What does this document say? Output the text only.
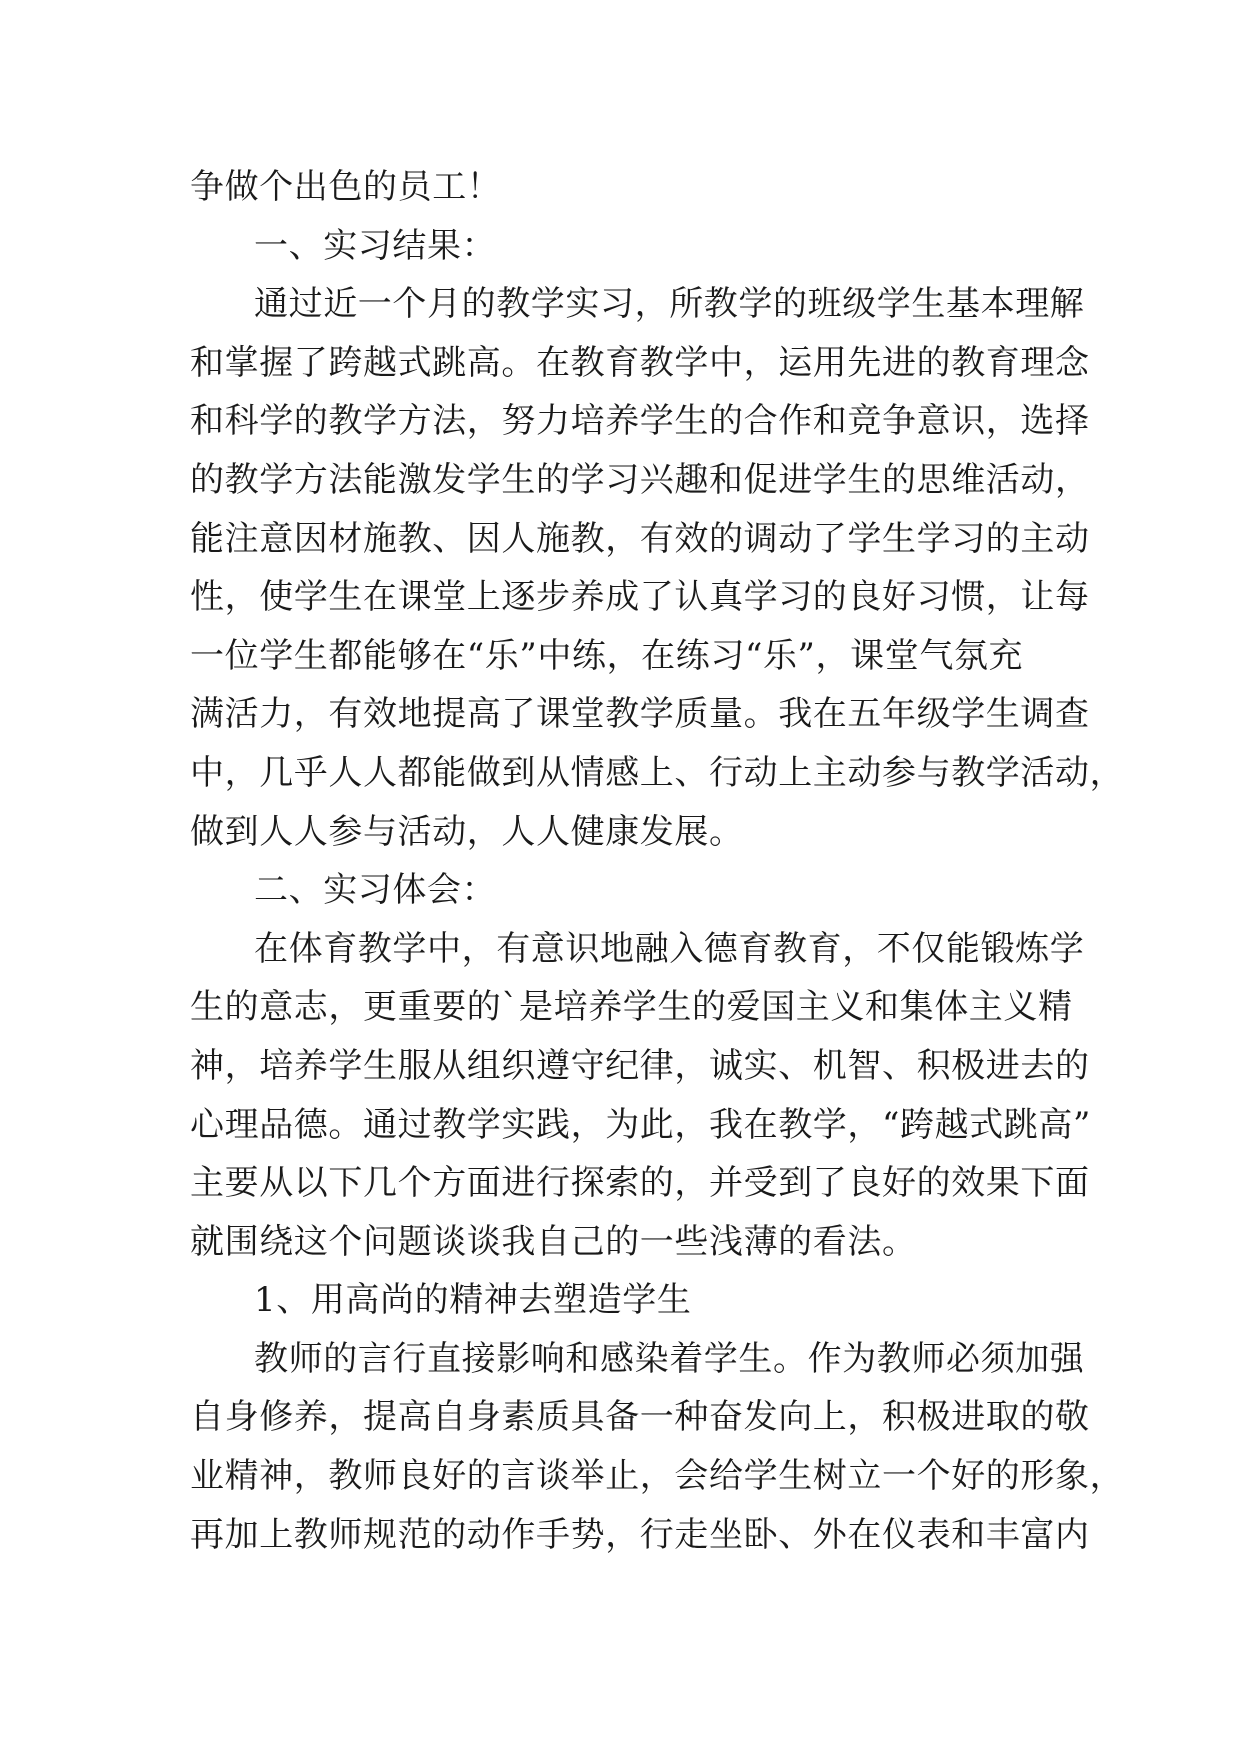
争做个出色的员工！
一、实习结果：
通过近一个月的教学实习，所教学的班级学生基本理解
和掌握了跨越式跳高。在教育教学中，运用先进的教育理念
和科学的教学方法，努力培养学生的合作和竞争意识，选择
的教学方法能激发学生的学习兴趣和促进学生的思维活动，
能注意因材施教、因人施教，有效的调动了学生学习的主动
性，使学生在课堂上逐步养成了认真学习的良好习惯，让每
一位学生都能够在“乐”中练，在练习“乐”，课堂气氛充
满活力，有效地提高了课堂教学质量。我在五年级学生调查
中，几乎人人都能做到从情感上、行动上主动参与教学活动，
做到人人参与活动，人人健康发展。
二、实习体会：
在体育教学中，有意识地融入德育教育，不仅能锻炼学
生的意志，更重要的`是培养学生的爱国主义和集体主义精
神，培养学生服从组织遵守纪律，诚实、机智、积极进去的
心理品德。通过教学实践，为此，我在教学，“跨越式跳高”
主要从以下几个方面进行探索的，并受到了良好的效果下面
就围绕这个问题谈谈我自己的一些浅薄的看法。
1、用高尚的精神去塑造学生
教师的言行直接影响和感染着学生。作为教师必须加强
自身修养，提高自身素质具备一种奋发向上，积极进取的敬
业精神，教师良好的言谈举止，会给学生树立一个好的形象，
再加上教师规范的动作手势，行走坐卧、外在仪表和丰富内
